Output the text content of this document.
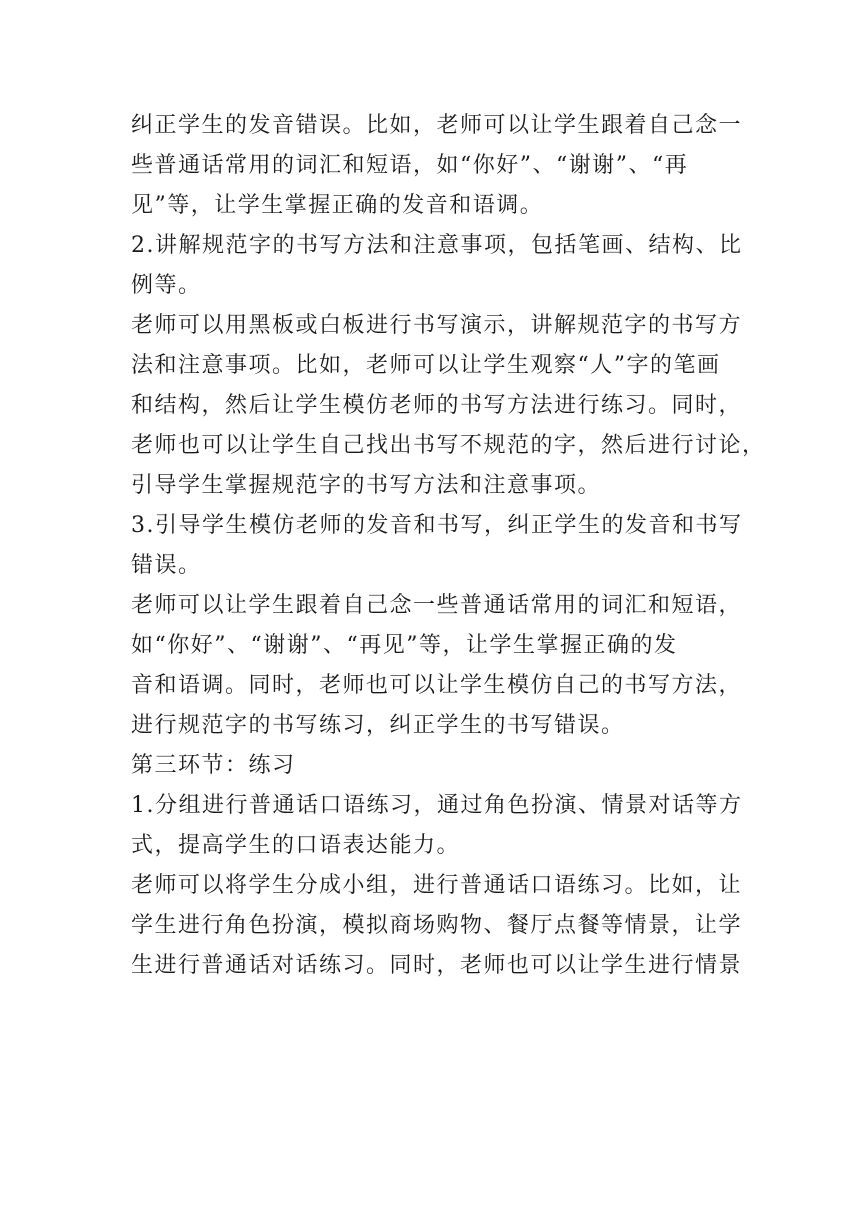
纠正学生的发音错误。比如，老师可以让学生跟着自己念一
些普通话常用的词汇和短语，如“你好”、“谢谢”、“再
见”等，让学生掌握正确的发音和语调。
2.讲解规范字的书写方法和注意事项，包括笔画、结构、比
例等。
老师可以用黑板或白板进行书写演示，讲解规范字的书写方
法和注意事项。比如，老师可以让学生观察“人”字的笔画
和结构，然后让学生模仿老师的书写方法进行练习。同时，
老师也可以让学生自己找出书写不规范的字，然后进行讨论，
引导学生掌握规范字的书写方法和注意事项。
3.引导学生模仿老师的发音和书写，纠正学生的发音和书写
错误。
老师可以让学生跟着自己念一些普通话常用的词汇和短语，
如“你好”、“谢谢”、“再见”等，让学生掌握正确的发
音和语调。同时，老师也可以让学生模仿自己的书写方法，
进行规范字的书写练习，纠正学生的书写错误。
第三环节：练习
1.分组进行普通话口语练习，通过角色扮演、情景对话等方
式，提高学生的口语表达能力。
老师可以将学生分成小组，进行普通话口语练习。比如，让
学生进行角色扮演，模拟商场购物、餐厅点餐等情景，让学
生进行普通话对话练习。同时，老师也可以让学生进行情景
